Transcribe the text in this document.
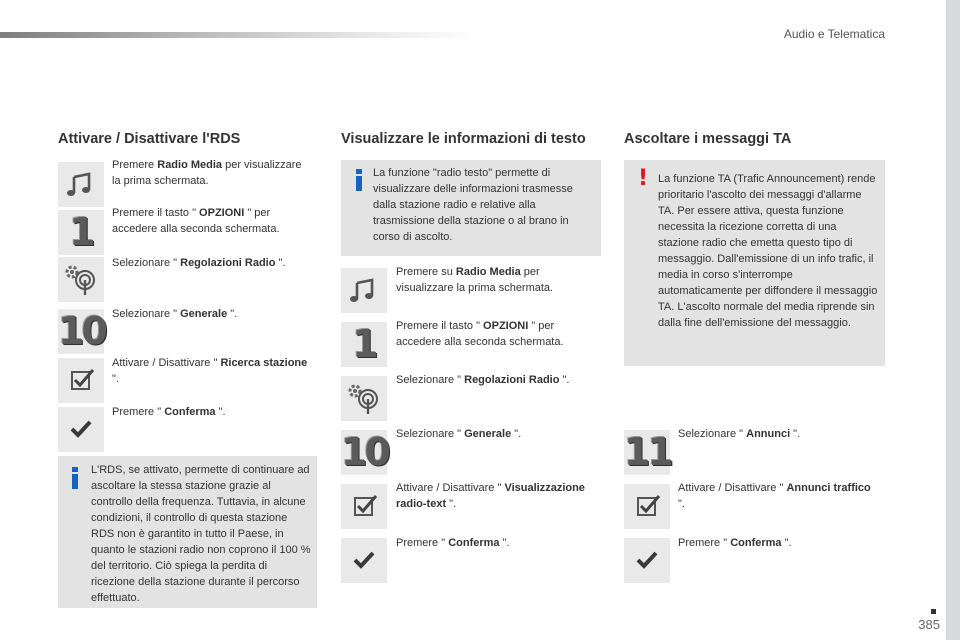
Audio e Telematica
Attivare / Disattivare l'RDS
Premere Radio Media per visualizzare la prima schermata.
1	Premere il tasto " OPZIONI " per accedere alla seconda schermata.
Selezionare " Regolazioni Radio ".
10 Selezionare " Generale ".
Attivare / Disattivare " Ricerca stazione ".
Premere " Conferma ".
L'RDS, se attivato, permette di continuare ad ascoltare la stessa stazione grazie al controllo della frequenza. Tuttavia, in alcune condizioni, il controllo di questa stazione RDS non è garantito in tutto il Paese, in quanto le stazioni radio non coprono il 100 % del territorio. Ciò spiega la perdita di ricezione della stazione durante il percorso effettuato.
Visualizzare le informazioni di testo
La funzione "radio testo" permette di visualizzare delle informazioni trasmesse dalla stazione radio e relative alla trasmissione della stazione o al brano in corso di ascolto.
Premere su Radio Media per visualizzare la prima schermata.
1	Premere il tasto " OPZIONI " per accedere alla seconda schermata.
Selezionare " Regolazioni Radio ".
10 Selezionare " Generale ".
Attivare / Disattivare " Visualizzazione radio-text ".
Premere " Conferma ".
Ascoltare i messaggi TA
! La funzione TA (Trafic Announcement) rende prioritario l'ascolto dei messaggi d'allarme TA. Per essere attiva, questa funzione necessita la ricezione corretta di una stazione radio che emetta questo tipo di messaggio. Dall'emissione di un info trafic, il media in corso s'interrompe automaticamente per diffondere il messaggio TA. L'ascolto normale del media riprende sin dalla fine dell'emissione del messaggio.
11 Selezionare " Annunci ".
Attivare / Disattivare " Annunci traffico ".
Premere " Conferma ".
385
